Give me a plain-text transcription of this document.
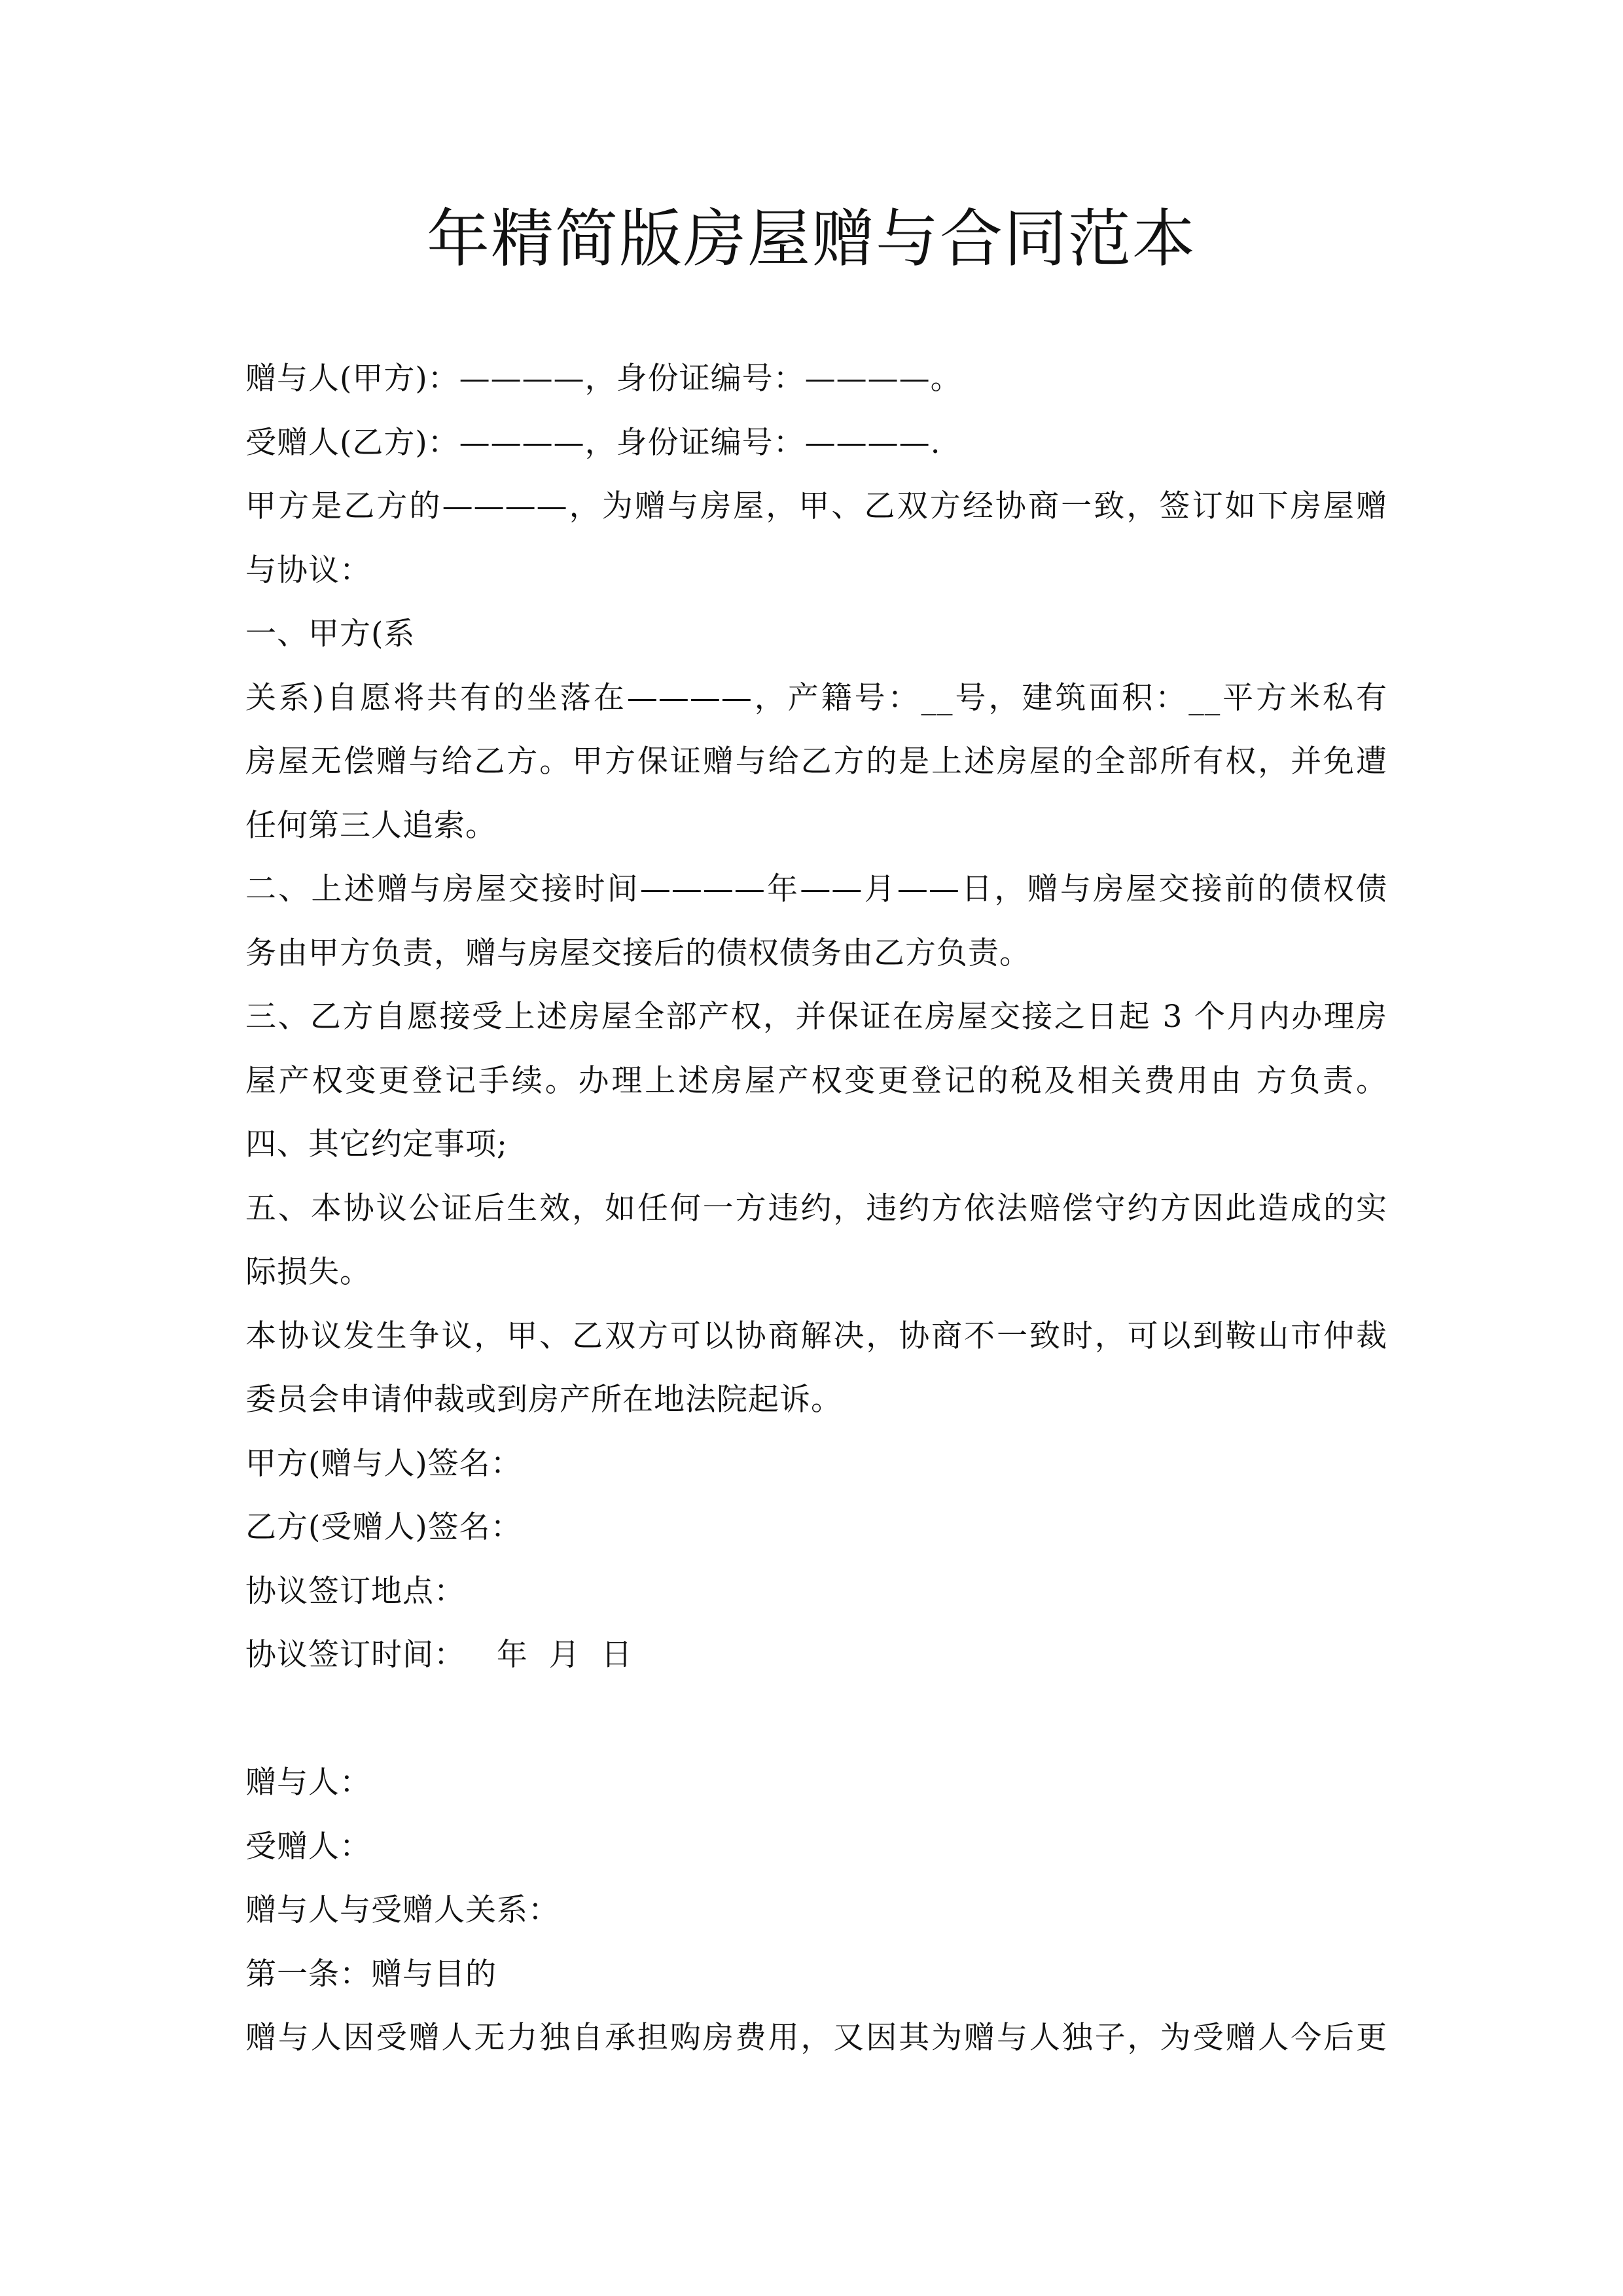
年精简版房屋赠与合同范本
赠与人(甲方)：————，身份证编号：————。
受赠人(乙方)：————，身份证编号：————.
甲方是乙方的————，为赠与房屋，甲、乙双方经协商一致，签订如下房屋赠
与协议：
一、甲方(系
关系)自愿将共有的坐落在————，产籍号：__号，建筑面积：__平方米私有
房屋无偿赠与给乙方。甲方保证赠与给乙方的是上述房屋的全部所有权，并免遭
任何第三人追索。
二、上述赠与房屋交接时间————年——月——日，赠与房屋交接前的债权债
务由甲方负责，赠与房屋交接后的债权债务由乙方负责。
三、乙方自愿接受上述房屋全部产权，并保证在房屋交接之日起 3 个月内办理房
屋产权变更登记手续。办理上述房屋产权变更登记的税及相关费用由 方负责。
四、其它约定事项;
五、本协议公证后生效，如任何一方违约，违约方依法赔偿守约方因此造成的实
际损失。
本协议发生争议，甲、乙双方可以协商解决，协商不一致时，可以到鞍山市仲裁
委员会申请仲裁或到房产所在地法院起诉。
甲方(赠与人)签名：
乙方(受赠人)签名：
协议签订地点：
协议签订时间：   年  月  日
赠与人：
受赠人：
赠与人与受赠人关系：
第一条：赠与目的
赠与人因受赠人无力独自承担购房费用，又因其为赠与人独子，为受赠人今后更
